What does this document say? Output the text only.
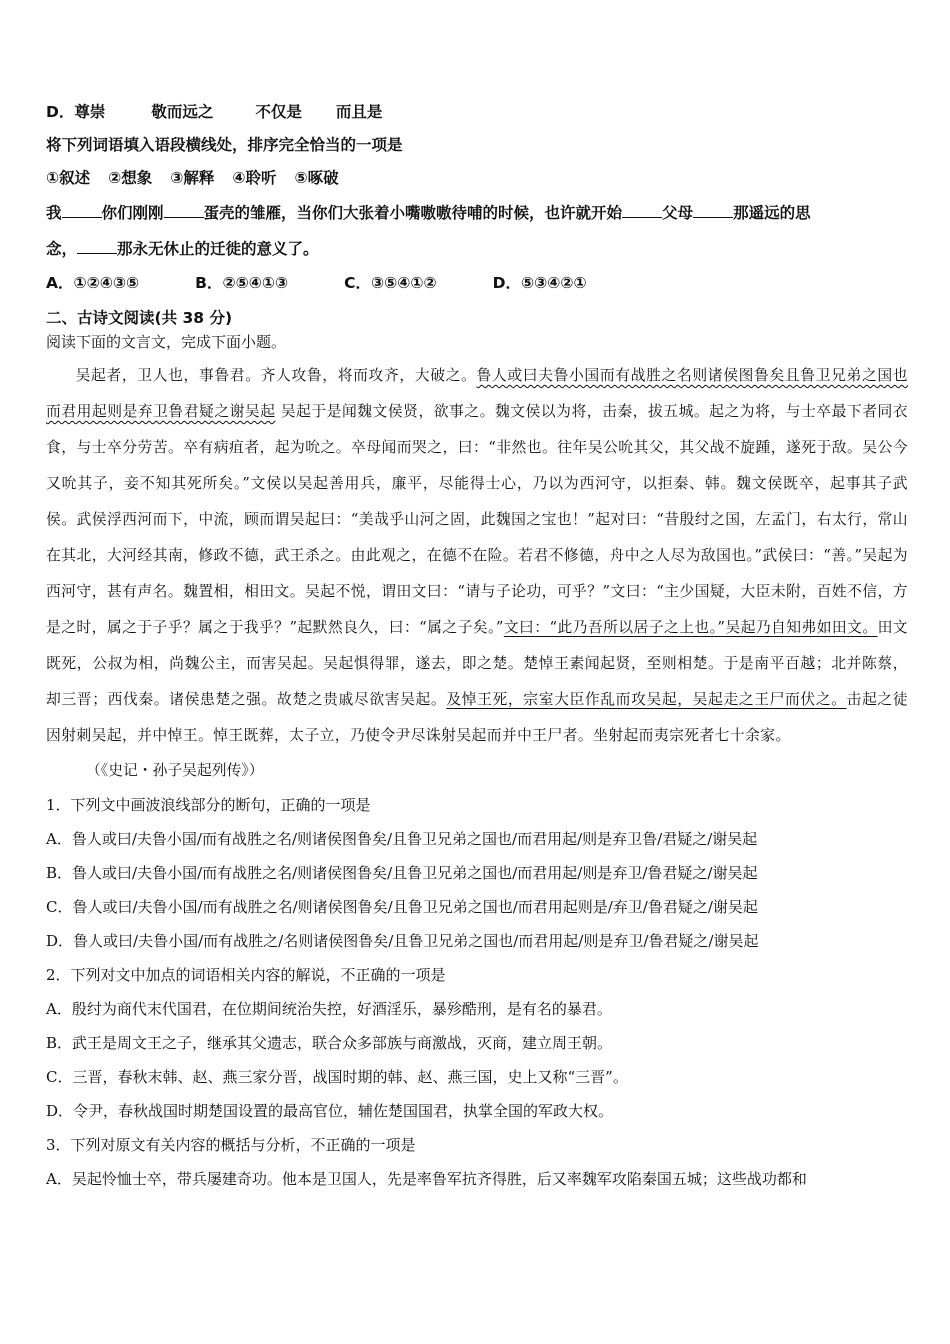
D．尊崇	敬而远之	不仅是 而且是
将下列词语填入语段横线处，排序完全恰当的一项是
①叙述 ②想象 ③解释 ④聆听 ⑤啄破
我	你们刚刚	蛋壳的雏雁，当你们大张着小嘴嗷嗷待哺的时候，也许就开始	父母	那遥远的思
念，	那永无休止的迁徙的意义了。
A．①②④③⑤	B．②⑤④①③	C．③⑤④①②	D．⑤③④②①
二、古诗文阅读(共 38 分)
阅读下面的文言文，完成下面小题。

吴起者，卫人也，事鲁君。齐人攻鲁，将而攻齐，大破之。鲁人或曰夫鲁小国而有战胜之名则诸侯图鲁矣且鲁卫兄弟之国也而君用起则是弃卫鲁君疑之谢吴起 吴起于是闻魏文侯贤，欲事之。魏文侯以为将，击秦，拔五城。起之为将，与士卒最下者同衣食，与士卒分劳苦。卒有病疽者，起为吮之。卒母闻而哭之，曰：“非然也。往年吴公吮其父，其父战不旋踵，遂死于敌。吴公今又吮其子，妾不知其死所矣。”文侯以吴起善用兵，廉平，尽能得士心，乃以为西河守，以拒秦、韩。魏文侯既卒，起事其子武侯。武侯浮西河而下，中流，顾而谓吴起曰：“美哉乎山河之固，此魏国之宝也！”起对曰：“昔殷纣之国，左孟门，右太行，常山在其北，大河经其南，修政不德，武王杀之。由此观之，在德不在险。若君不修德，舟中之人尽为敌国也。”武侯曰：“善。”吴起为西河守，甚有声名。魏置相，相田文。吴起不悦，谓田文曰：“请与子论功，可乎？”文曰：“主少国疑，大臣未附，百姓不信，方是之时，属之于子乎？属之于我乎？”起默然良久，曰：“属之子矣。”文曰：“此乃吾所以居子之上也。”吴起乃自知弗如田文。田文既死，公叔为相，尚魏公主，而害吴起。吴起惧得罪，遂去，即之楚。楚悼王素闻起贤，至则相楚。于是南平百越；北并陈蔡，却三晋；西伐秦。诸侯患楚之强。故楚之贵戚尽欲害吴起。及悼王死，宗室大臣作乱而攻吴起，吴起走之王尸而伏之。击起之徒因射刺吴起，并中悼王。悼王既葬，太子立，乃使令尹尽诛射吴起而并中王尸者。坐射起而夷宗死者七十余家。

（《史记・孙子吴起列传》）
1．下列文中画波浪线部分的断句，正确的一项是
A．鲁人或曰/夫鲁小国/而有战胜之名/则诸侯图鲁矣/且鲁卫兄弟之国也/而君用起/则是弃卫鲁/君疑之/谢吴起
B．鲁人或曰/夫鲁小国/而有战胜之名/则诸侯图鲁矣/且鲁卫兄弟之国也/而君用起/则是弃卫/鲁君疑之/谢吴起
C．鲁人或曰/夫鲁小国/而有战胜之名/则诸侯图鲁矣/且鲁卫兄弟之国也/而君用起则是/弃卫/鲁君疑之/谢吴起
D．鲁人或曰/夫鲁小国/而有战胜之/名则诸侯图鲁矣/且鲁卫兄弟之国也/而君用起/则是弃卫/鲁君疑之/谢吴起
2．下列对文中加点的词语相关内容的解说，不正确的一项是
A．殷纣为商代末代国君，在位期间统治失控，好酒淫乐，暴殄酷刑，是有名的暴君。
B．武王是周文王之子，继承其父遗志，联合众多部族与商激战，灭商，建立周王朝。
C．三晋，春秋末韩、赵、燕三家分晋，战国时期的韩、赵、燕三国，史上又称“三晋”。
D．令尹，春秋战国时期楚国设置的最高官位，辅佐楚国国君，执掌全国的军政大权。
3．下列对原文有关内容的概括与分析，不正确的一项是
A．吴起怜恤士卒，带兵屡建奇功。他本是卫国人，先是率鲁军抗齐得胜，后又率魏军攻陷秦国五城；这些战功都和
